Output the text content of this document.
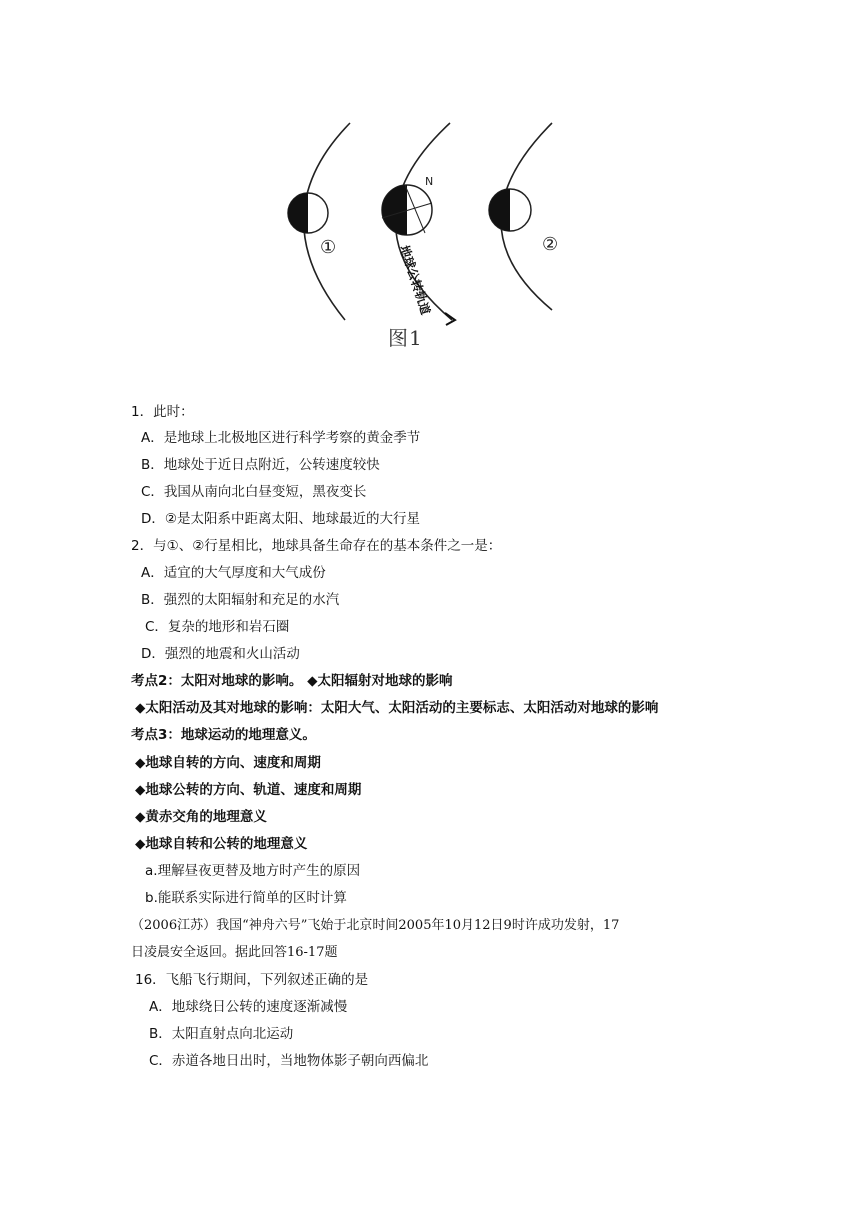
N
①	②
地球公转轨道
图1
1．此时：
A．是地球上北极地区进行科学考察的黄金季节
B．地球处于近日点附近，公转速度较快
C．我国从南向北白昼变短，黑夜变长
D．②是太阳系中距离太阳、地球最近的大行星
2．与①、②行星相比，地球具备生命存在的基本条件之一是：
A．适宜的大气厚度和大气成份
B．强烈的太阳辐射和充足的水汽
C．复杂的地形和岩石圈
D．强烈的地震和火山活动
考点2：太阳对地球的影响。 ◆太阳辐射对地球的影响
◆太阳活动及其对地球的影响：太阳大气、太阳活动的主要标志、太阳活动对地球的影响
考点3：地球运动的地理意义。
◆地球自转的方向、速度和周期
◆地球公转的方向、轨道、速度和周期
◆黄赤交角的地理意义
◆地球自转和公转的地理意义
a.理解昼夜更替及地方时产生的原因
b.能联系实际进行简单的区时计算
（2006江苏）我国“神舟六号”飞始于北京时间2005年10月12日9时许成功发射，17
日凌晨安全返回。据此回答16-17题
16．飞船飞行期间，下列叙述正确的是
A．地球绕日公转的速度逐渐减慢
B．太阳直射点向北运动
C．赤道各地日出时，当地物体影子朝向西偏北
